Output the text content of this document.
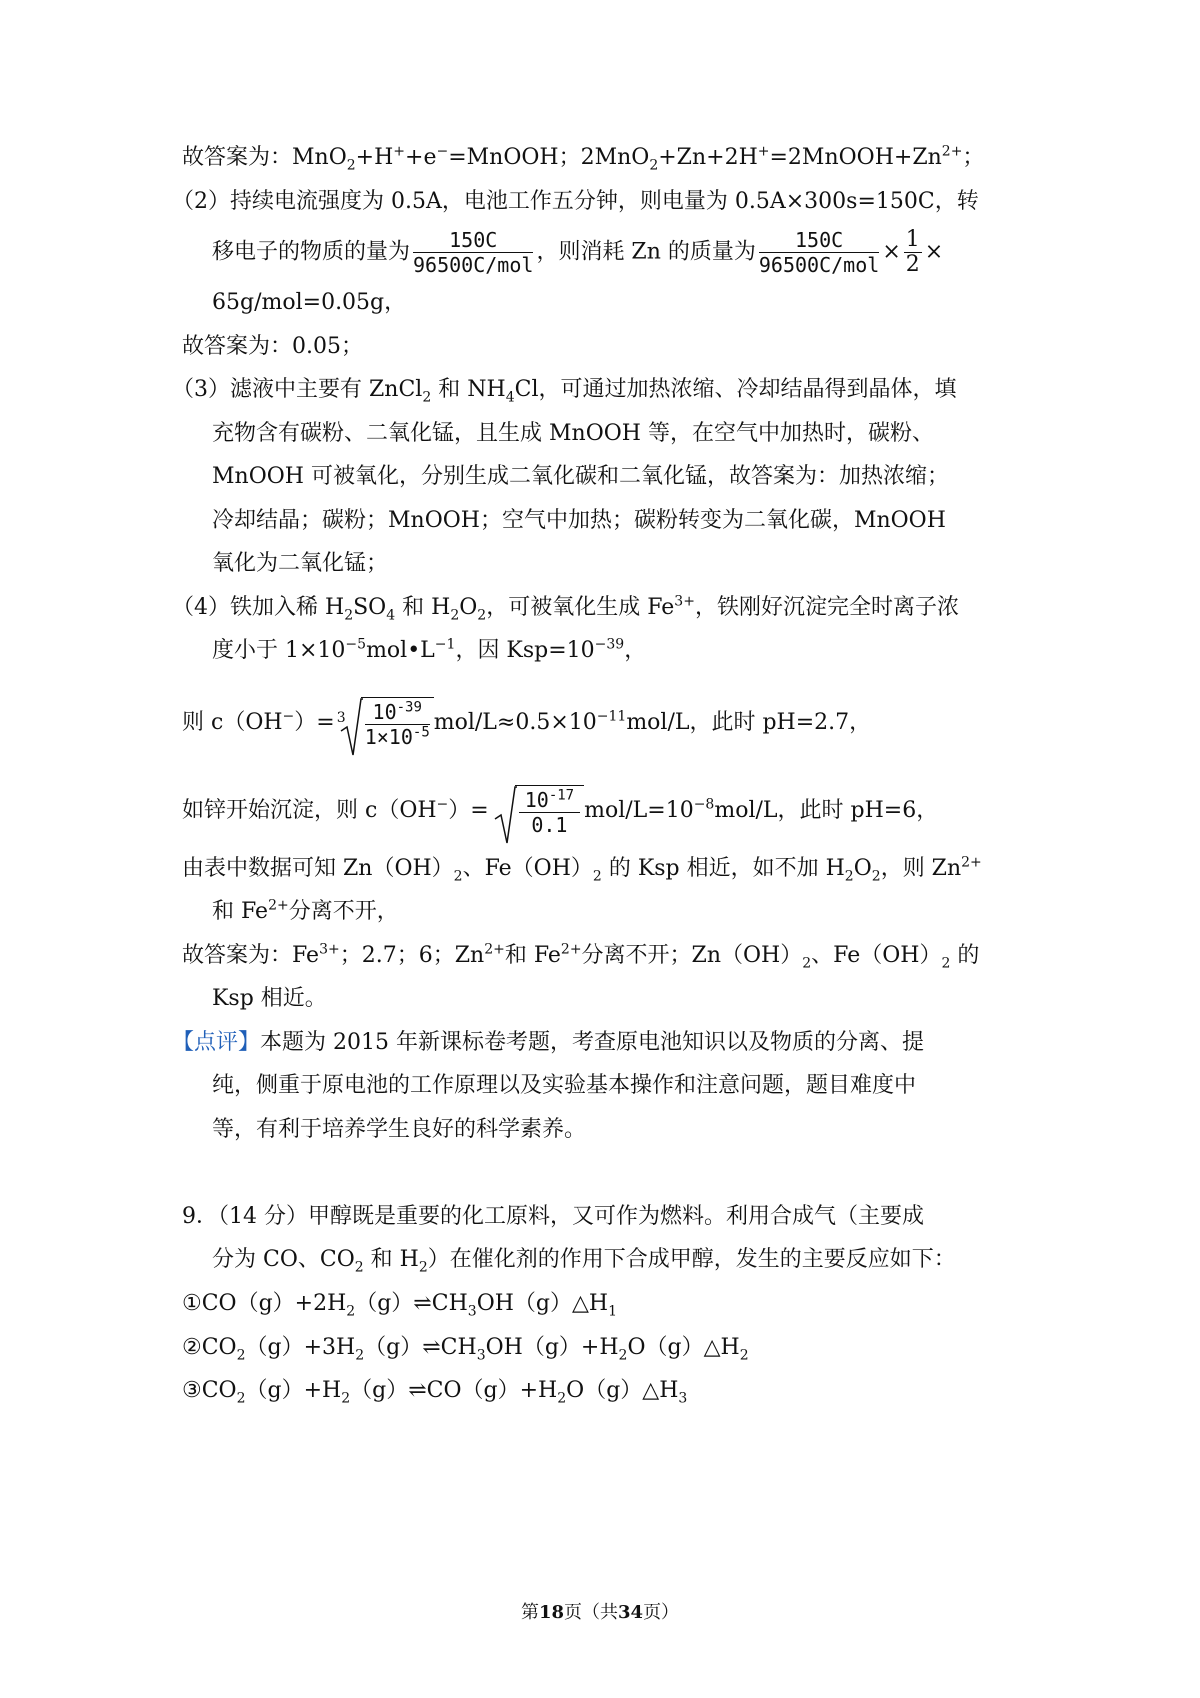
故答案为：MnO$_2$+H++e−=MnOOH；$2MnO_2+Zn+2H^+=2MnOOH+Zn^{2+}$；
（2）持续电流强度为 0.5A，电池工作五分钟，则电量为 0.5A×300s=150C，转
移电子的物质的量为 $\frac{150C}{\text{96500C/mol}}$ ，则消耗 Zn 的质量为 $\frac{150C}{\text{96500C/mol}} \times \frac{1}{2}$ ×
65g/mol=0.05g，
故答案为：0.05；
（3）滤液中主要有 ZnCl$_2$ 和 $NH_4Cl$，可通过加热浓缩、冷却结晶得到晶体，填
充物含有碳粉、二氧化锰，且生成 MnOOH 等，在空气中加热时，碳粉、
MnOOH 可被氧化，分别生成二氧化碳和二氧化锰，故答案为：加热浓缩；
冷却结晶；碳粉；MnOOH；空气中加热；碳粉转变为二氧化碳，MnOOH
氧化为二氧化锰；
（4）铁加入稀 $H_2SO_4$ 和 $H_2O_2$，可被氧化生成 $Fe^{3+}$，铁刚好沉淀完全时离子浓
度小于 $1\times 10^{-5}mol•L^{-1}$，因 $Ksp=10^{-39}$，
则 $c(OH^-)= 3 \frac{10^{-39}}{1\times 10^{-5}} mol/L\approx 0.5\times 10^{-11}mol/L$，此时 pH=2.7，
如锌开始沉淀，则 $c(OH^-)= \frac{10^{-17}}{0.1} mol/L=10^{-8}mol/L$，此时 pH=6，
由表中数据可知 $Zn(OH)_2$、$Fe(OH)_2$ 的 Ksp 相近，如不加 $H_2O_2$，则 $Zn^{2+}$
和 $Fe^{2+}$分离不开，
故答案为：$Fe^{3+}$；2.7；6；$Zn^{2+}$和 $Fe^{2+}$分离不开；$Zn(OH)_2$、$Fe(OH)_2$ 的
Ksp 相近。
【点评】本题为 2015 年新课标卷考题，考查原电池知识以及物质的分离、提
纯，侧重于原电池的工作原理以及实验基本操作和注意问题，题目难度中
等，有利于培养学生良好的科学素养。
9．（14 分）甲醇既是重要的化工原料，又可作为燃料。利用合成气（主要成
分为 CO、$CO_2$ 和 $H_2$）在催化剂的作用下合成甲醇，发生的主要反应如下：
$①CO(g)+2H_2(g)\rightleftharpoons CH_3OH(g)\triangle H_1$
$②CO_2(g)+3H_2(g)\rightleftharpoons CH_3OH(g)+H_2O(g)\triangle H_2$
$③CO_2(g)+H_2(g)\rightleftharpoons CO(g)+H_2O(g)\triangle H_3$
第18页（共34页）
